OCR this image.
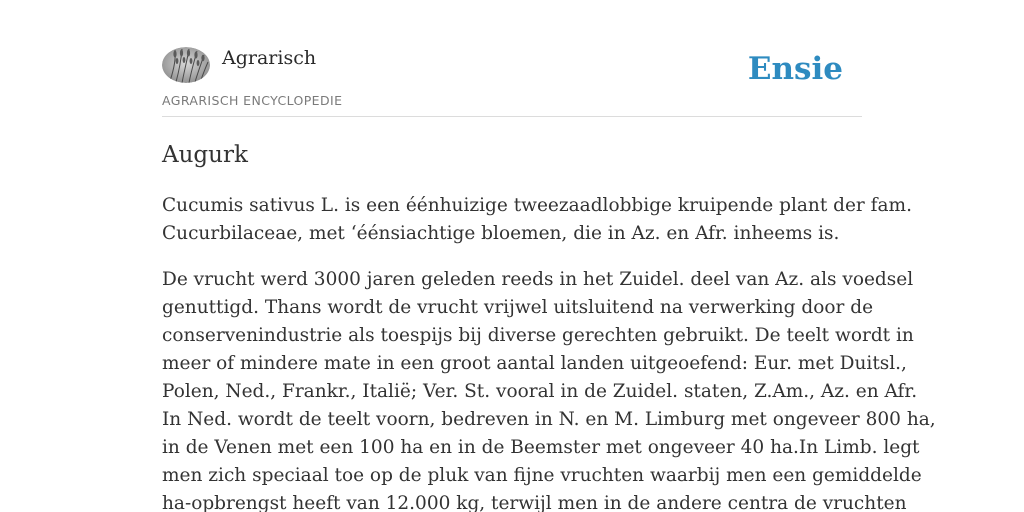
Agrarisch
AGRARISCH ENCYCLOPEDIE
Ensie
Augurk

Cucumis sativus L. is een éénhuizige tweezaadlobbige kruipende plant der fam.
Cucurbilaceae, met ‘éénsiachtige bloemen, die in Az. en Afr. inheems is.

De vrucht werd 3000 jaren geleden reeds in het Zuidel. deel van Az. als voedsel
genuttigd. Thans wordt de vrucht vrijwel uitsluitend na verwerking door de
conservenindustrie als toespijs bij diverse gerechten gebruikt. De teelt wordt in
meer of mindere mate in een groot aantal landen uitgeoefend: Eur. met Duitsl.,
Polen, Ned., Frankr., Italië; Ver. St. vooral in de Zuidel. staten, Z.Am., Az. en Afr.
In Ned. wordt de teelt voorn, bedreven in N. en M. Limburg met ongeveer 800 ha,
in de Venen met een 100 ha en in de Beemster met ongeveer 40 ha.In Limb. legt
men zich speciaal toe op de pluk van fijne vruchten waarbij men een gemiddelde
ha-opbrengst heeft van 12.000 kg, terwijl men in de andere centra de vruchten
